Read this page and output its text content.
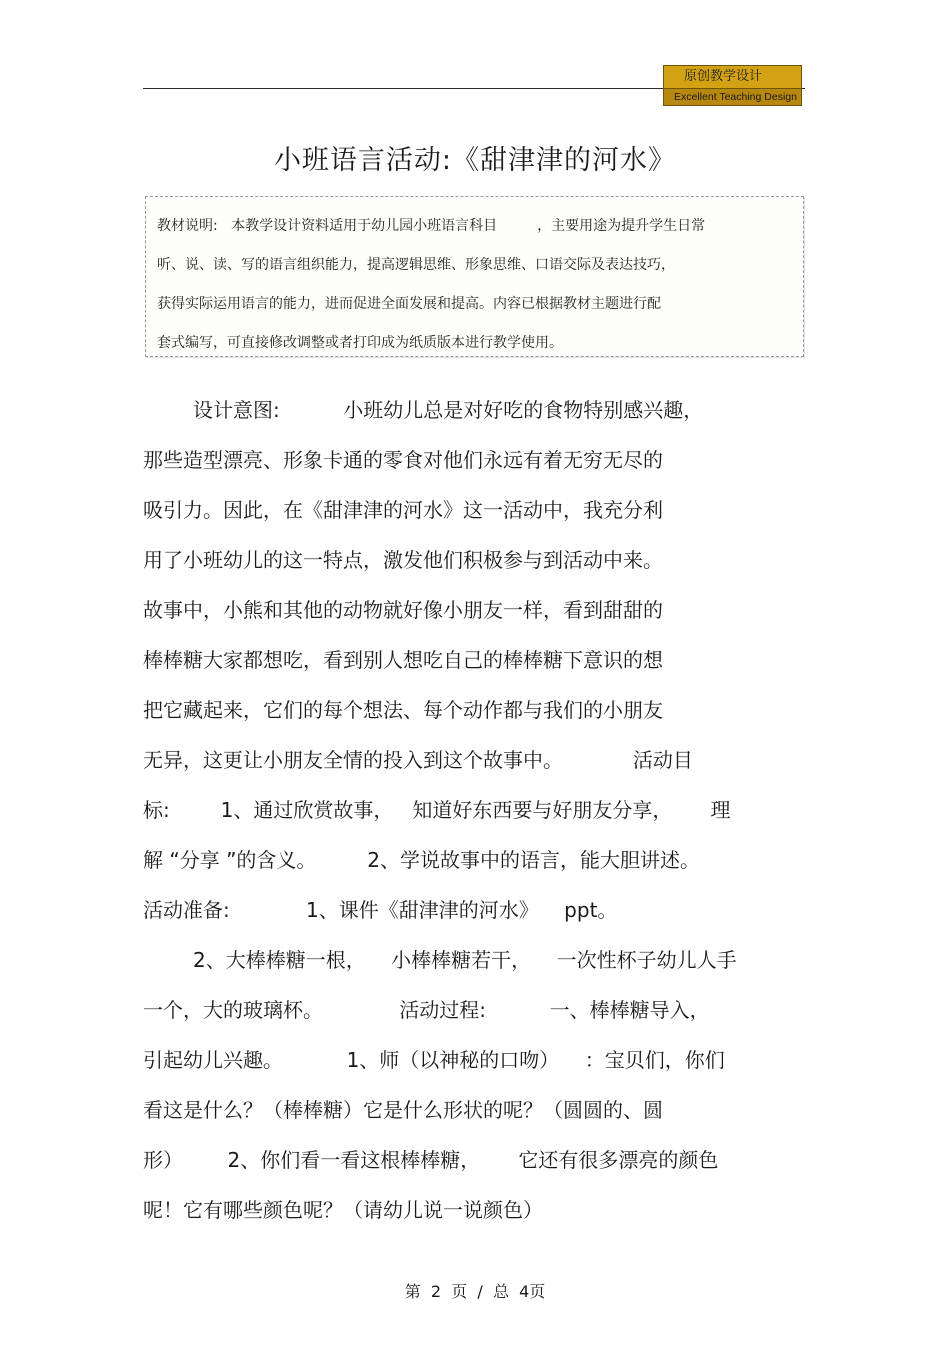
原创教学设计
Excellent Teaching Design
小班语言活动:《甜津津的河水》
教材说明:   本教学设计资料适用于幼儿园小班语言科目         ，主要用途为提升学生日常
听、说、读、写的语言组织能力，提高逻辑思维、形象思维、口语交际及表达技巧，
获得实际运用语言的能力，进而促进全面发展和提高。内容已根据教材主题进行配
套式编写，可直接修改调整或者打印成为纸质版本进行教学使用。
设计意图:          小班幼儿总是对好吃的食物特别感兴趣，
那些造型漂亮、形象卡通的零食对他们永远有着无穷无尽的
吸引力。因此，在《甜津津的河水》这一活动中，我充分利
用了小班幼儿的这一特点，激发他们积极参与到活动中来。
故事中，小熊和其他的动物就好像小朋友一样，看到甜甜的
棒棒糖大家都想吃，看到别人想吃自己的棒棒糖下意识的想
把它藏起来，它们的每个想法、每个动作都与我们的小朋友
无异，这更让小朋友全情的投入到这个故事中。           活动目
标:        1、通过欣赏故事，   知道好东西要与好朋友分享，      理
解 “分享 ”的含义。        2、学说故事中的语言，能大胆讲述。
活动准备:            1、课件《甜津津的河水》    ppt。
2、大棒棒糖一根，    小棒棒糖若干，    一次性杯子幼儿人手
一个，大的玻璃杯。            活动过程:          一、棒棒糖导入，
引起幼儿兴趣。          1、师（以神秘的口吻）    ：宝贝们，你们
看这是什么？（棒棒糖）它是什么形状的呢？（圆圆的、圆
形）       2、你们看一看这根棒棒糖，      它还有很多漂亮的颜色
呢！它有哪些颜色呢？（请幼儿说一说颜色）
第  2  页  /  总  4页
